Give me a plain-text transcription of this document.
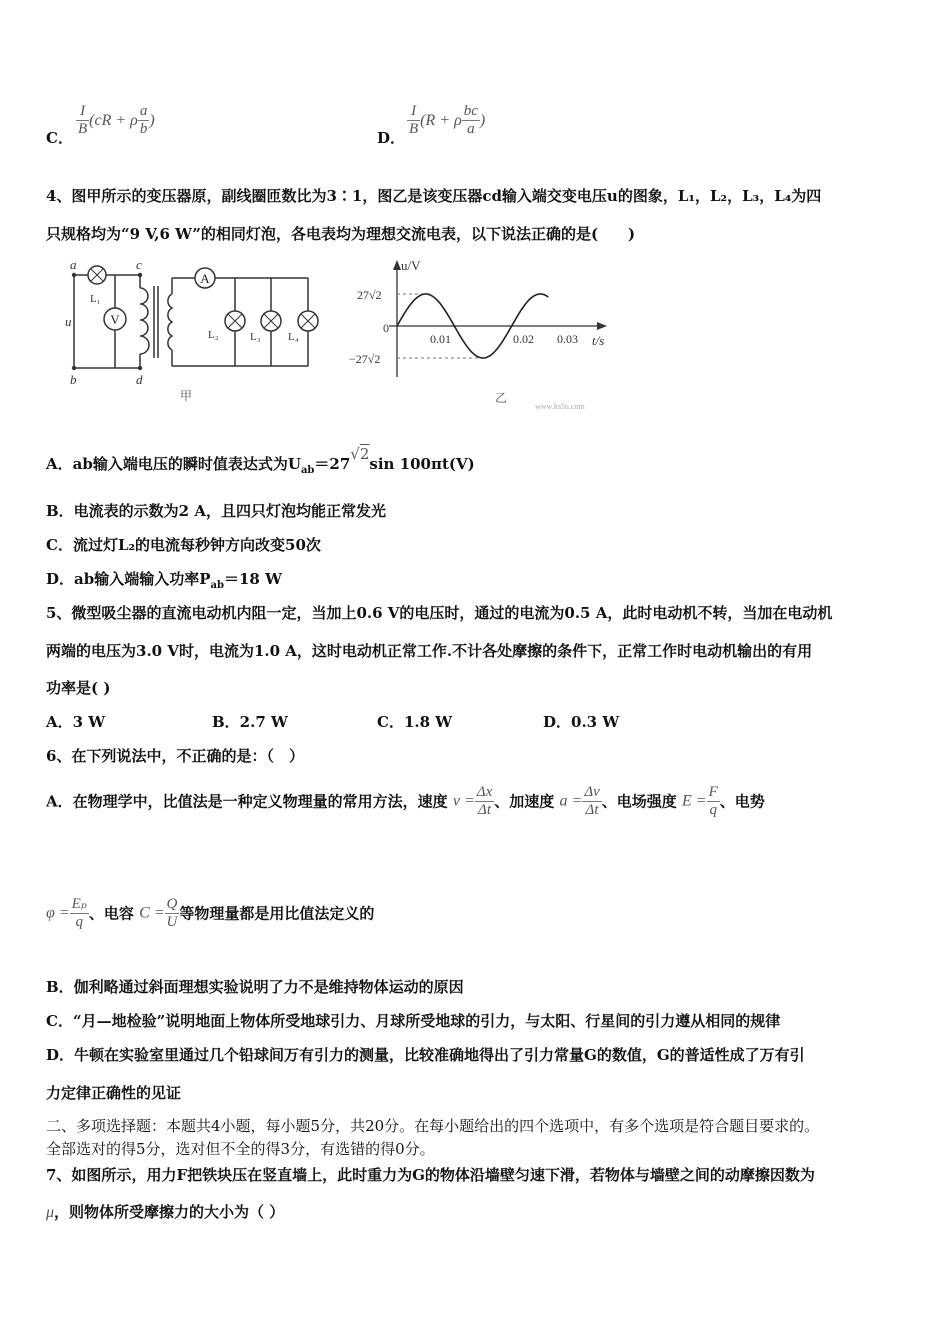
C． $\frac{I}{B} (cR + \rho \frac{a}{b}$ )
D． $\frac{I}{B} (R + \rho \frac{bc}{a}$ )
4、图甲所示的变压器原，副线圈匝数比为3∶1，图乙是该变压器cd输入端交变电压u的图象，L₁，L₂，L₃，L₄为四
只规格均为“9 V,6 W”的相同灯泡，各电表均为理想交流电表，以下说法正确的是(　　)
V
A
a
b
c
d
u
L₁
L₂	L₃ L₄
甲
u/V
t/s
27√2
0
−27√2
0.01	0.02 0.03
乙
www.ks5u.com
A．ab输入端电压的瞬时值表达式为$U_{ab}=27√2\sin$ 100πt(V)
B．电流表的示数为2 A，且四只灯泡均能正常发光
C．流过灯L₂的电流每秒钟方向改变50次
D．ab输入端输入功率$P_{ab}=18$ W
5、微型吸尘器的直流电动机内阻一定，当加上0.6 V的电压时，通过的电流为0.5 A，此时电动机不转，当加在电动机
两端的电压为3.0 V时，电流为1.0 A，这时电动机正常工作.不计各处摩擦的条件下，正常工作时电动机输出的有用
功率是( )
A．3 W	B．2.7 W	C．1.8 W	D．0.3 W
6、在下列说法中，不正确的是：（　）
A．在物理学中，比值法是一种定义物理量的常用方法，速度 $v = \frac{\Delta x}{\Delta t}$ 、加速度 $a = \frac{\Delta v}{\Delta t}$ 、电场强度 $E = \frac{F}{q}$ 、电势
$\varphi = \frac{\text{Eₚ}}{q}$ 、电容 $C = \frac{Q}{U}$ 等物理量都是用比值法定义的
B．伽利略通过斜面理想实验说明了力不是维持物体运动的原因
C．“月—地检验”说明地面上物体所受地球引力、月球所受地球的引力，与太阳、行星间的引力遵从相同的规律
D．牛顿在实验室里通过几个铅球间万有引力的测量，比较准确地得出了引力常量G的数值，G的普适性成了万有引
力定律正确性的见证
二、多项选择题：本题共4小题，每小题5分，共20分。在每小题给出的四个选项中，有多个选项是符合题目要求的。
全部选对的得5分，选对但不全的得3分，有选错的得0分。
7、如图所示，用力F把铁块压在竖直墙上，此时重力为G的物体沿墙壁匀速下滑，若物体与墙壁之间的动摩擦因数为
μ，则物体所受摩擦力的大小为（ ）
